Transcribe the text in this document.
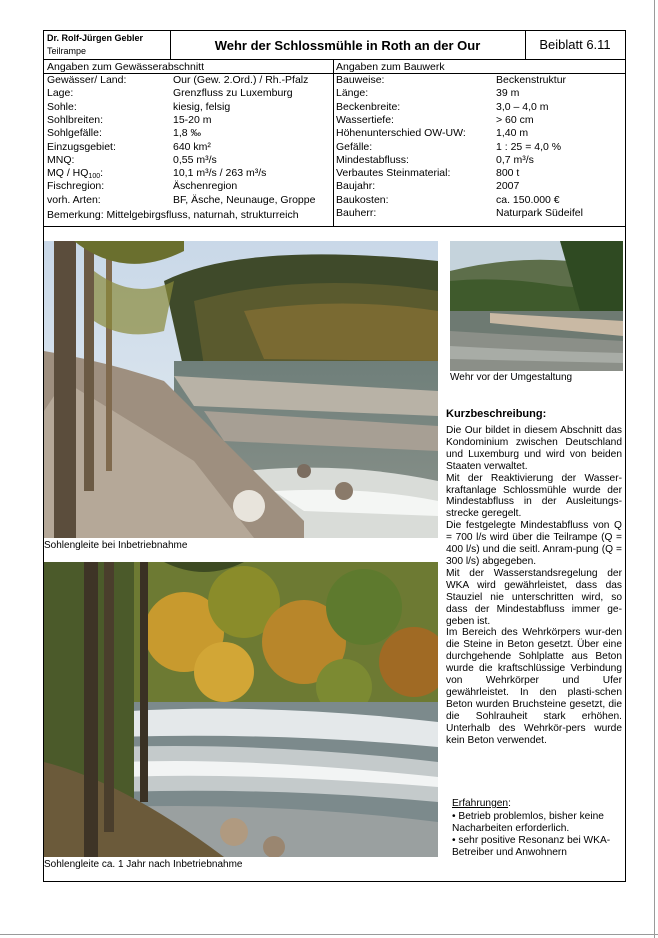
Dr. Rolf-Jürgen Gebler
Teilrampe	Wehr der Schlossmühle in Roth an der Our	Beiblatt 6.11
Angaben zum Gewässerabschnitt	Angaben zum Bauwerk
Gewässer/ Land:	Our (Gew. 2.Ord.) / Rh.-Pfalz
Lage:	Grenzfluss zu Luxemburg
Sohle:	kiesig, felsig
Sohlbreiten:	15-20 m
Sohlgefälle:	1,8 ‰
Einzugsgebiet:	640 km²
MNQ:	0,55 m³/s
MQ / $HQ_{100}$:	10,1 m³/s / 263 m³/s
Fischregion:	Äschenregion
vorh. Arten:	BF, Äsche, Neunauge, Groppe
Bauweise:	Beckenstruktur
Länge:	39 m
Beckenbreite:	3,0 – 4,0 m
Wassertiefe:	> 60 cm
Höhenunterschied OW-UW:	1,40 m
Gefälle:	1 : 25 = 4,0 %
Mindestabfluss:	0,7 m³/s
Verbautes Steinmaterial:	800 t
Baujahr:	2007
Baukosten:	ca. 150.000 €
Bauherr:	Naturpark Südeifel
Bemerkung: Mittelgebirgsfluss, naturnah, strukturreich
Sohlengleite bei Inbetriebnahme
Wehr vor der Umgestaltung
Sohlengleite ca. 1 Jahr nach Inbetriebnahme
Kurzbeschreibung:

Die Our bildet in diesem Abschnitt das Kondominium zwischen Deutschland und Luxemburg und wird von beiden Staaten verwaltet.

Mit der Reaktivierung der Wasser-kraftanlage Schlossmühle wurde der Mindestabfluss in der Ausleitungs-strecke geregelt.

Die festgelegte Mindestabfluss von Q = 700 l/s wird über die Teilrampe (Q = 400 l/s) und die seitl. Anram-pung (Q = 300 l/s) abgegeben.

Mit der Wasserstandsregelung der WKA wird gewährleistet, dass das Stauziel nie unterschritten wird, so dass der Mindestabfluss immer ge-geben ist.

Im Bereich des Wehrkörpers wur-den die Steine in Beton gesetzt. Über eine durchgehende Sohlplatte aus Beton wurde die kraftschlüssige Verbindung von Wehrkörper und Ufer gewährleistet. In den plasti-schen Beton wurden Bruchsteine gesetzt, die die Sohlrauheit stark erhöhen. Unterhalb des Wehrkör-pers wurde kein Beton verwendet.

Erfahrungen:

• Betrieb problemlos, bisher keine Nacharbeiten erforderlich.

• sehr positive Resonanz bei WKA-Betreiber und Anwohnern
